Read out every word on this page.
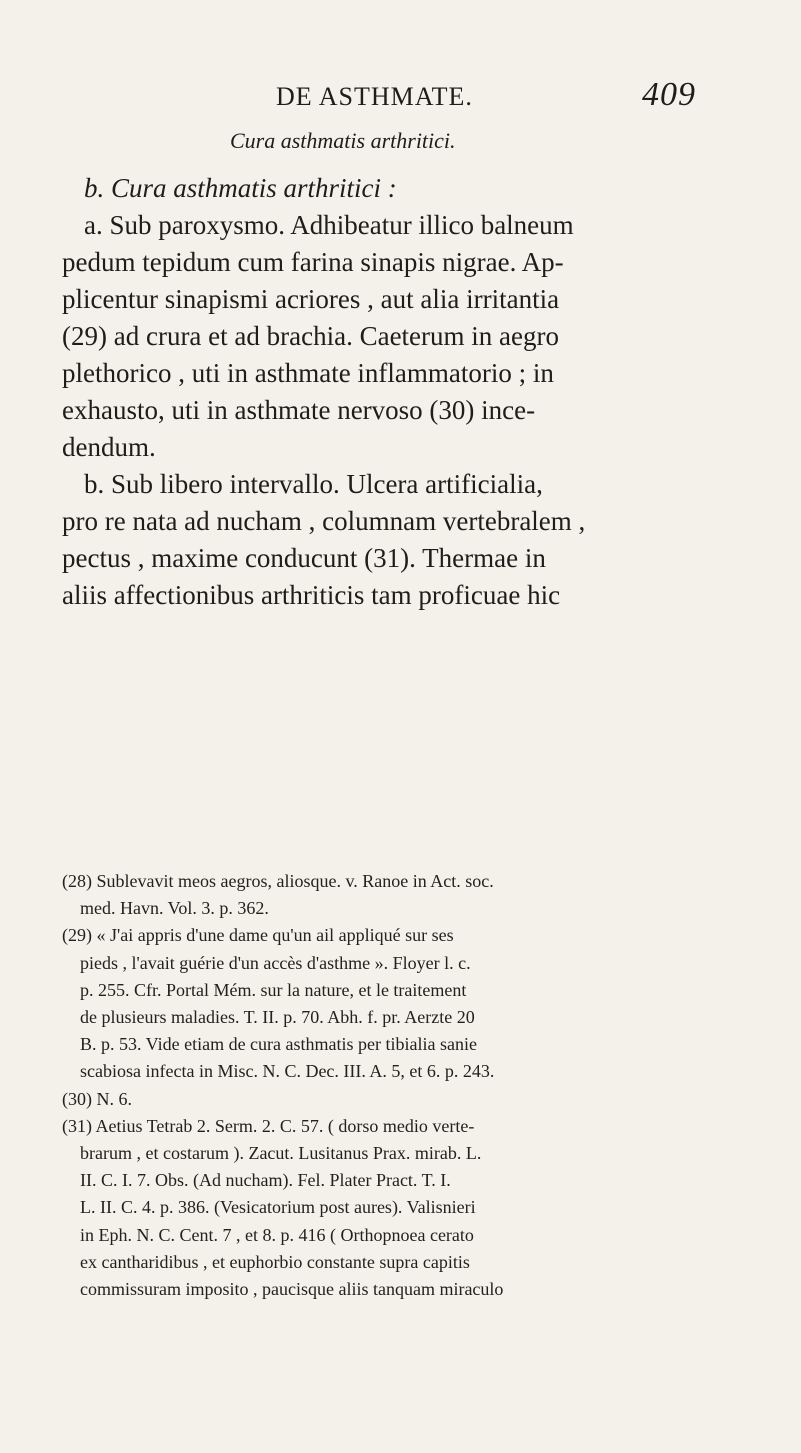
DE ASTHMATE.	409
Cura asthmatis arthritici.

b. Cura asthmatis arthritici :

a. Sub paroxysmo. Adhibeatur illico balneum
pedum tepidum cum farina sinapis nigrae. Ap-
plicentur sinapismi acriores , aut alia irritantia
(29) ad crura et ad brachia. Caeterum in aegro
plethorico , uti in asthmate inflammatorio ; in
exhausto, uti in asthmate nervoso (30) ince-
dendum.

b. Sub libero intervallo. Ulcera artificialia,
pro re nata ad nucham , columnam vertebralem ,
pectus , maxime conducunt (31). Thermae in
aliis affectionibus arthriticis tam proficuae hic

(28) Sublevavit meos aegros, aliosque. v. Ranoe in Act. soc.
med. Havn. Vol. 3. p. 362.

(29) « J'ai appris d'une dame qu'un ail appliqué sur ses
pieds , l'avait guérie d'un accès d'asthme ». Floyer l. c.
p. 255. Cfr. Portal Mém. sur la nature, et le traitement
de plusieurs maladies. T. II. p. 70. Abh. f. pr. Aerzte 20
B. p. 53. Vide etiam de cura asthmatis per tibialia sanie
scabiosa infecta in Misc. N. C. Dec. III. A. 5, et 6. p. 243.

(30) N. 6.

(31) Aetius Tetrab 2. Serm. 2. C. 57. ( dorso medio verte-
brarum , et costarum ). Zacut. Lusitanus Prax. mirab. L.
II. C. I. 7. Obs. (Ad nucham). Fel. Plater Pract. T. I.
L. II. C. 4. p. 386. (Vesicatorium post aures). Valisnieri
in Eph. N. C. Cent. 7 , et 8. p. 416 ( Orthopnoea cerato
ex cantharidibus , et euphorbio constante supra capitis
commissuram imposito , paucisque aliis tanquam miraculo
